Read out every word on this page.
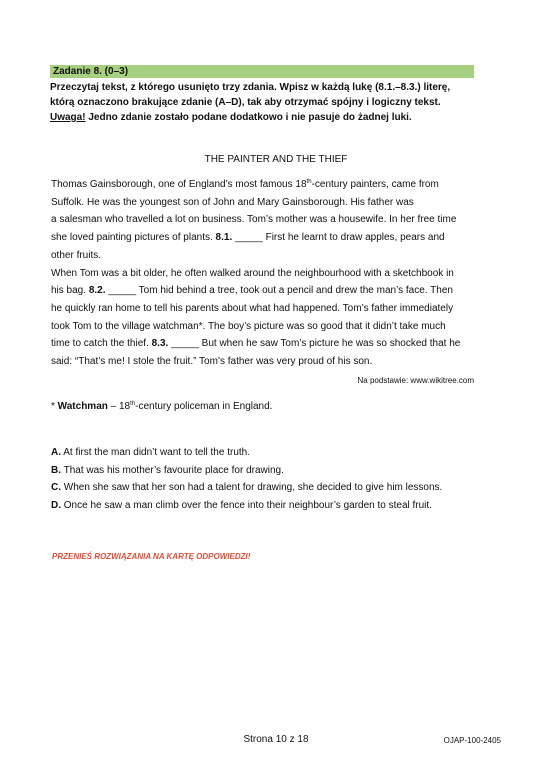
Zadanie 8. (0–3)
Przeczytaj tekst, z którego usunięto trzy zdania. Wpisz w każdą lukę (8.1.–8.3.) literę,
którą oznaczono brakujące zdanie (A–D), tak aby otrzymać spójny i logiczny tekst.
Uwaga! Jedno zdanie zostało podane dodatkowo i nie pasuje do żadnej luki.
THE PAINTER AND THE THIEF
Thomas Gainsborough, one of England’s most famous 18th-century painters, came from
Suffolk. He was the youngest son of John and Mary Gainsborough. His father was
a salesman who travelled a lot on business. Tom’s mother was a housewife. In her free time
she loved painting pictures of plants. 8.1. _____ First he learnt to draw apples, pears and
other fruits.
When Tom was a bit older, he often walked around the neighbourhood with a sketchbook in
his bag. 8.2. _____ Tom hid behind a tree, took out a pencil and drew the man’s face. Then
he quickly ran home to tell his parents about what had happened. Tom’s father immediately
took Tom to the village watchman*. The boy’s picture was so good that it didn’t take much
time to catch the thief. 8.3. _____ But when he saw Tom’s picture he was so shocked that he
said: “That’s me! I stole the fruit.” Tom’s father was very proud of his son.
Na podstawie: www.wikitree.com
* Watchman – 18th-century policeman in England.
A. At first the man didn’t want to tell the truth.
B. That was his mother’s favourite place for drawing.
C. When she saw that her son had a talent for drawing, she decided to give him lessons.
D. Once he saw a man climb over the fence into their neighbour’s garden to steal fruit.
PRZENIEŚ ROZWIĄZANIA NA KARTĘ ODPOWIEDZI!
Strona 10 z 18	OJAP-100-2405
